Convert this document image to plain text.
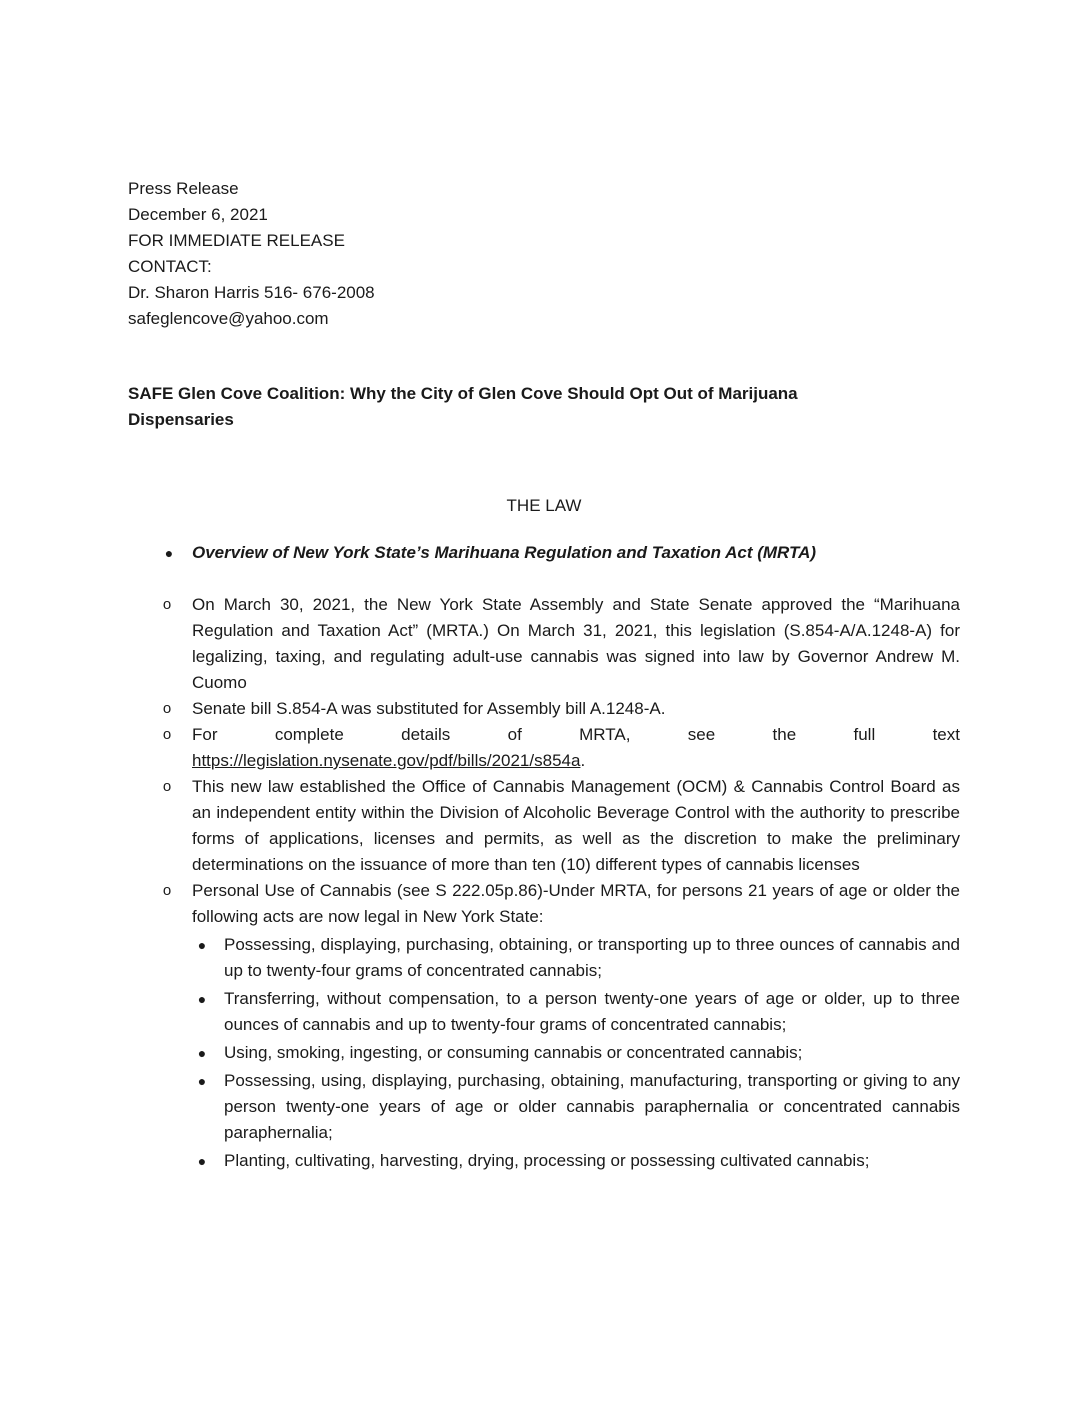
Press Release
December 6, 2021
FOR IMMEDIATE RELEASE
CONTACT:
Dr. Sharon Harris 516- 676-2008
safeglencove@yahoo.com
SAFE Glen Cove Coalition: Why the City of Glen Cove Should Opt Out of Marijuana Dispensaries
THE LAW
● Overview of New York State’s Marihuana Regulation and Taxation Act (MRTA)
o On March 30, 2021, the New York State Assembly and State Senate approved the “Marihuana Regulation and Taxation Act” (MRTA.) On March 31, 2021, this legislation (S.854-A/A.1248-A) for legalizing, taxing, and regulating adult-use cannabis was signed into law by Governor Andrew M. Cuomo
o Senate bill S.854-A was substituted for Assembly bill A.1248-A.
o For	complete	details	of	MRTA,	see	the	full	text
https://legislation.nysenate.gov/pdf/bills/2021/s854a.
o This new law established the Office of Cannabis Management (OCM) & Cannabis Control Board as an independent entity within the Division of Alcoholic Beverage Control with the authority to prescribe forms of applications, licenses and permits, as well as the discretion to make the preliminary determinations on the issuance of more than ten (10) different types of cannabis licenses
o Personal Use of Cannabis (see S 222.05p.86)-Under MRTA, for persons 21 years of age or older the following acts are now legal in New York State:
● Possessing, displaying, purchasing, obtaining, or transporting up to three ounces of cannabis and up to twenty-four grams of concentrated cannabis;
● Transferring, without compensation, to a person twenty-one years of age or older, up to three ounces of cannabis and up to twenty-four grams of concentrated cannabis;
● Using, smoking, ingesting, or consuming cannabis or concentrated cannabis;
● Possessing, using, displaying, purchasing, obtaining, manufacturing, transporting or giving to any person twenty-one years of age or older cannabis paraphernalia or concentrated cannabis paraphernalia;
● Planting, cultivating, harvesting, drying, processing or possessing cultivated cannabis;
